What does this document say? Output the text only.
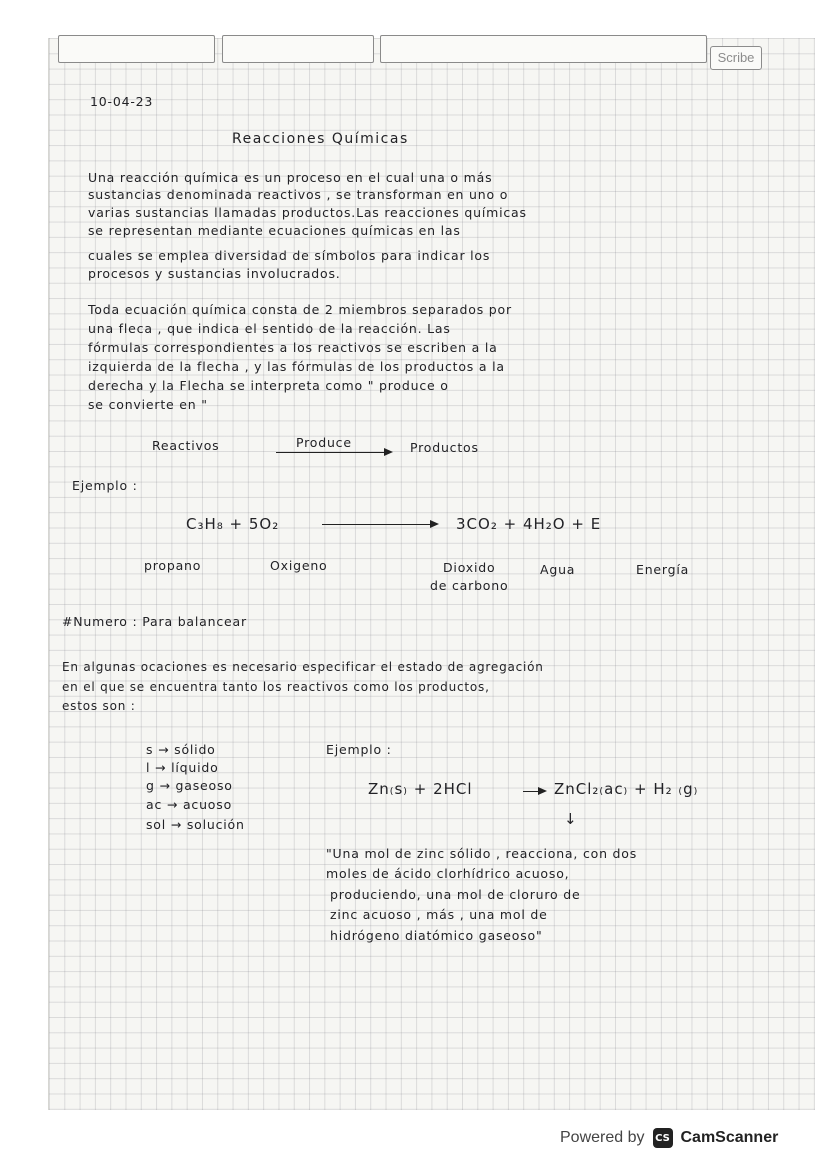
Scribe
10-04-23
Reacciones Químicas
Una reacción química es un proceso en el cual una o más
sustancias denominada reactivos , se transforman en uno o
varias sustancias llamadas productos.Las reacciones químicas
se representan mediante ecuaciones químicas en las
cuales se emplea diversidad de símbolos para indicar los
procesos y sustancias involucrados.
Toda ecuación química consta de 2 miembros separados por
una fleca , que indica el sentido de la reacción. Las
fórmulas correspondientes a los reactivos se escriben a la
izquierda de la flecha , y las fórmulas de los productos a la
derecha y la Flecha se interpreta como " produce o
se convierte en "
Reactivos	Produce	Productos
Ejemplo :
C₃H₈ + 5O₂	3CO₂ + 4H₂O + E
propano	Oxigeno	Dioxido
de carbono
Agua	Energía
#Numero : Para balancear
En algunas ocaciones es necesario especificar el estado de agregación
en el que se encuentra tanto los reactivos como los productos,
estos son :
s → sólido
l → líquido
g → gaseoso
ac → acuoso
sol → solución
Ejemplo :
Zn₍s₎ + 2HCl	ZnCl₂₍ac₎ + H₂ ₍g₎
↓
"Una mol de zinc sólido , reacciona, con dos
moles de ácido clorhídrico acuoso,
produciendo, una mol de cloruro de
zinc acuoso , más , una mol de
hidrógeno diatómico gaseoso"
Powered by CS CamScanner
